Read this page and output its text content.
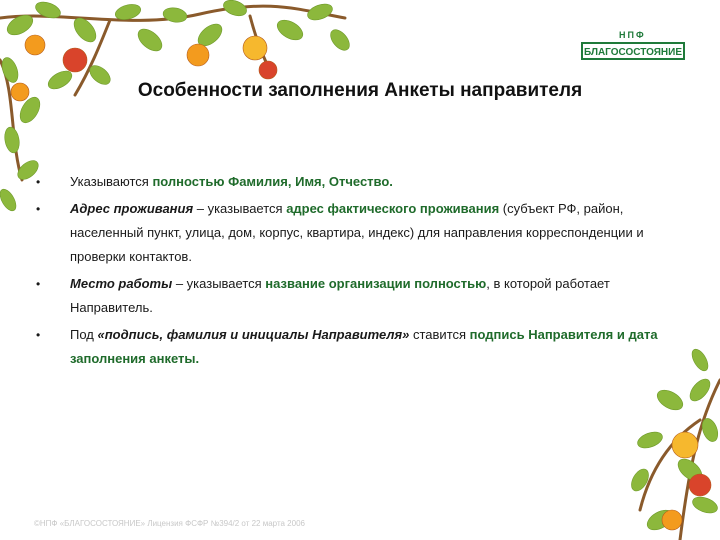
НПФ
БЛАГОСОСТОЯНИЕ
Особенности заполнения Анкеты направителя
• Указываются полностью Фамилия, Имя, Отчество.
• Адрес проживания – указывается адрес фактического проживания (субъект РФ, район, населенный пункт, улица, дом, корпус, квартира, индекс) для направления корреспонденции и проверки контактов.
• Место работы – указывается название организации полностью, в которой работает Направитель.
• Под «подпись, фамилия и инициалы Направителя» ставится подпись Направителя и дата заполнения анкеты.
©НПФ «БЛАГОСОСТОЯНИЕ» Лицензия ФСФР №394/2 от 22 марта 2006
